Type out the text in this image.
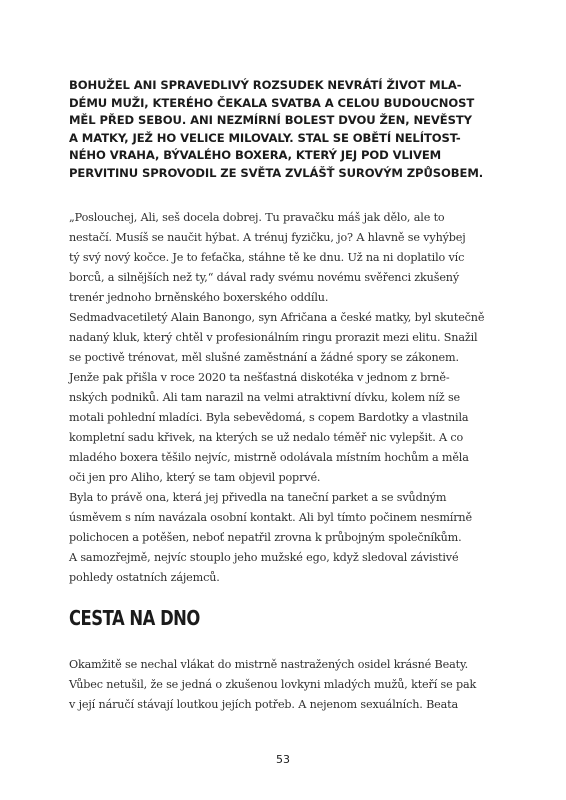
BOHUŽEL ANI SPRAVEDLIVÝ ROZSUDEK NEVRÁTÍ ŽIVOT MLA-
DÉMU MUŽI, KTERÉHO ČEKALA SVATBA A CELOU BUDOUCNOST
MĚL PŘED SEBOU. ANI NEZMÍRNÍ BOLEST DVOU ŽEN, NEVĚSTY
A MATKY, JEŽ HO VELICE MILOVALY. STAL SE OBĚTÍ NELÍTOST-
NÉHO VRAHA, BÝVALÉHO BOXERA, KTERÝ JEJ POD VLIVEM
PERVITINU SPROVODIL ZE SVĚTA ZVLÁŠŤ SUROVÝM ZPŮSOBEM.
„Poslouchej, Ali, seš docela dobrej. Tu pravačku máš jak dělo, ale to
nestačí. Musíš se naučit hýbat. A trénuj fyzičku, jo? A hlavně se vyhýbej
tý svý nový kočce. Je to feťačka, stáhne tě ke dnu. Už na ni doplatilo víc
borců, a silnějších než ty,“ dával rady svému novému svěřenci zkušený
trenér jednoho brněnského boxerského oddílu.
Sedmadvacetiletý Alain Banongo, syn Afričana a české matky, byl skutečně
nadaný kluk, který chtěl v profesionálním ringu prorazit mezi elitu. Snažil
se poctivě trénovat, měl slušné zaměstnání a žádné spory se zákonem.
Jenže pak přišla v roce 2020 ta nešťastná diskotéka v jednom z brně-
nských podniků. Ali tam narazil na velmi atraktivní dívku, kolem níž se
motali pohlední mladíci. Byla sebevědomá, s copem Bardotky a vlastnila
kompletní sadu křivek, na kterých se už nedalo téměř nic vylepšit. A co
mladého boxera těšilo nejvíc, mistrně odolávala místním hochům a měla
oči jen pro Aliho, který se tam objevil poprvé.
Byla to právě ona, která jej přivedla na taneční parket a se svůdným
úsměvem s ním navázala osobní kontakt. Ali byl tímto počinem nesmírně
polichocen a potěšen, neboť nepatřil zrovna k průbojným společníkům.
A samozřejmě, nejvíc stouplo jeho mužské ego, když sledoval závistivé
pohledy ostatních zájemců.
CESTA NA DNO
Okamžitě se nechal vlákat do mistrně nastražených osidel krásné Beaty.
Vůbec netušil, že se jedná o zkušenou lovkyni mladých mužů, kteří se pak
v její náručí stávají loutkou jejích potřeb. A nejenom sexuálních. Beata

53
